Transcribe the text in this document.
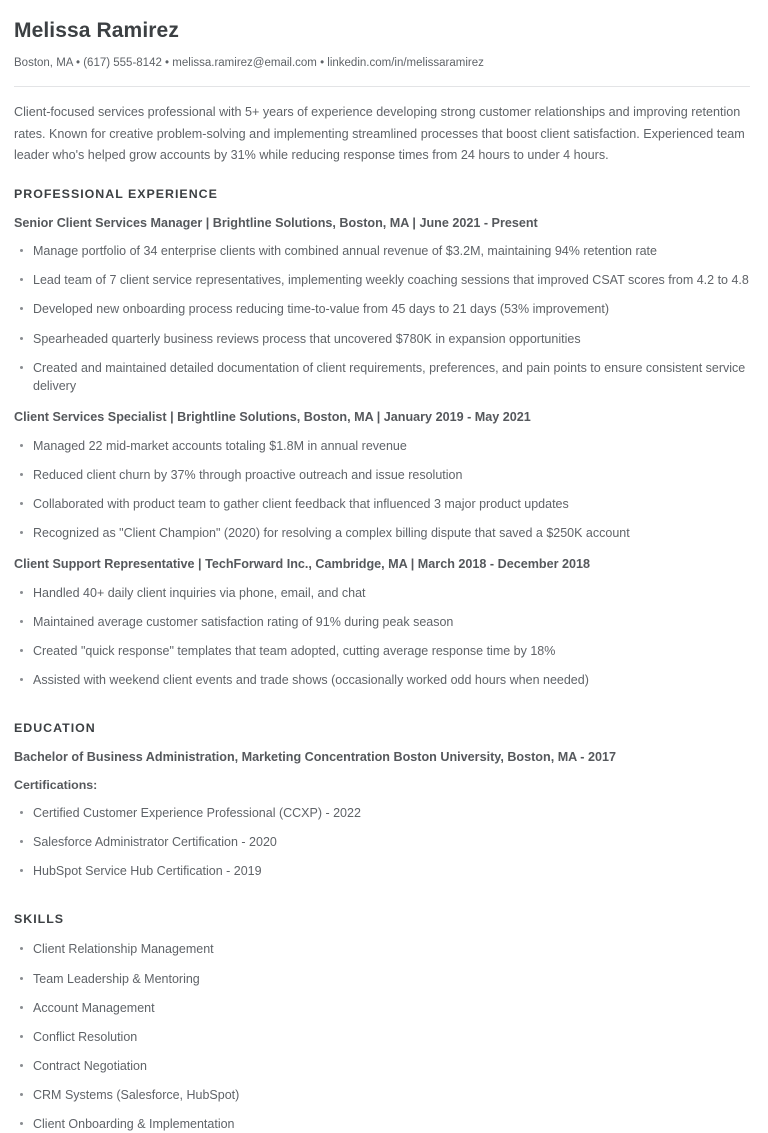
Melissa Ramirez

Boston, MA • (617) 555-8142 • melissa.ramirez@email.com • linkedin.com/in/melissaramirez

Client-focused services professional with 5+ years of experience developing strong customer relationships and improving retention rates. Known for creative problem-solving and implementing streamlined processes that boost client satisfaction. Experienced team leader who's helped grow accounts by 31% while reducing response times from 24 hours to under 4 hours.

PROFESSIONAL EXPERIENCE
Senior Client Services Manager | Brightline Solutions, Boston, MA | June 2021 - Present
Manage portfolio of 34 enterprise clients with combined annual revenue of $3.2M, maintaining 94% retention rate
Lead team of 7 client service representatives, implementing weekly coaching sessions that improved CSAT scores from 4.2 to 4.8
Developed new onboarding process reducing time-to-value from 45 days to 21 days (53% improvement)
Spearheaded quarterly business reviews process that uncovered $780K in expansion opportunities
Created and maintained detailed documentation of client requirements, preferences, and pain points to ensure consistent service delivery
Client Services Specialist | Brightline Solutions, Boston, MA | January 2019 - May 2021
Managed 22 mid-market accounts totaling $1.8M in annual revenue
Reduced client churn by 37% through proactive outreach and issue resolution
Collaborated with product team to gather client feedback that influenced 3 major product updates
Recognized as "Client Champion" (2020) for resolving a complex billing dispute that saved a $250K account
Client Support Representative | TechForward Inc., Cambridge, MA | March 2018 - December 2018
Handled 40+ daily client inquiries via phone, email, and chat
Maintained average customer satisfaction rating of 91% during peak season
Created "quick response" templates that team adopted, cutting average response time by 18%
Assisted with weekend client events and trade shows (occasionally worked odd hours when needed)
EDUCATION
Bachelor of Business Administration, Marketing Concentration Boston University, Boston, MA - 2017
Certifications:
Certified Customer Experience Professional (CCXP) - 2022
Salesforce Administrator Certification - 2020
HubSpot Service Hub Certification - 2019
SKILLS
Client Relationship Management
Team Leadership & Mentoring
Account Management
Conflict Resolution
Contract Negotiation
CRM Systems (Salesforce, HubSpot)
Client Onboarding & Implementation
